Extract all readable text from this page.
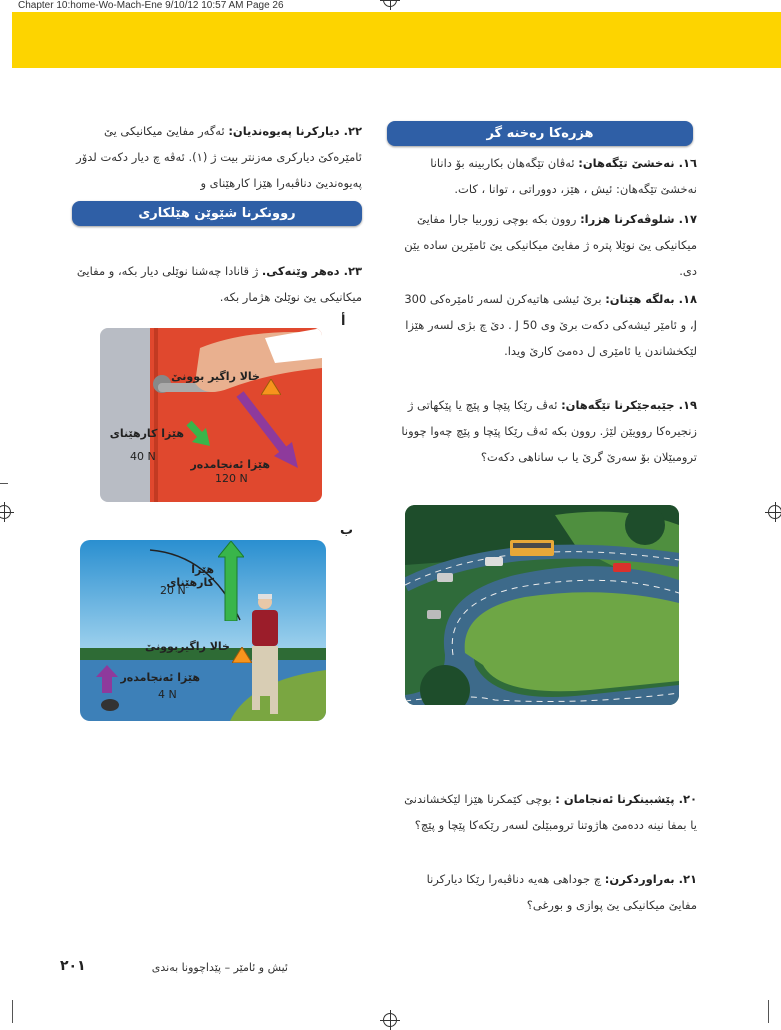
Chapter 10:home-Wo-Mach-Ene 9/10/12 10:57 AM Page 26
هزرەکا رەخنە گر
١٦. نەخشێ تێگەهان: ئەڤان تێگەهان بکاربینە بۆ دانانا نەخشێ تێگەهان: ئیش ، هێز، دووراتی ، توانا ، کات.
١٧. شلوڤەکرنا هزرا: روون بکە بوچی زوربیا جارا مفایێ میکانیکی یێ نوێلا پترە ژ مفایێ میکانیکی یێ ئامێرین سادە یێن دی.
١٨. بەلگە هێنان: برێ ئیشی هاتیەکرن لسەر ئامێرەکی 300 J، و ئامێر ئیشەکی دکەت برێ وی 50 J . دێ چ بژی لسەر هێزا لێکخشاندن یا ئامێری ل دەمێ کارێ ویدا.
١٩. جێبەجێکرنا تێگەهان: ئەڤ رێکا پێچا و پێچ یا پێکهاتی ژ زنجیرەکا روویێن لێژ. روون بکە ئەڤ رێکا پێچا و پێچ چەوا چوونا ترومبێلان بۆ سەرێ گرێ یا ب ساناهی دکەت؟
٢٠. پێشبینکرنا ئەنجامان : بوچی کێمکرنا هێزا لێکخشاندنێ یا بمفا نینە ددەمێ هاژوتنا ترومبێلێ لسەر رێکەکا پێچا و پێچ؟
٢١. بەراوردکرن: چ جوداهی هەیە دناڤبەرا رێکا دیارکرنا مفایێ میکانیکی یێ پوازی و بورغی؟
٢٢. دیارکرنا پەیوەندیان: ئەگەر مفایێ میکانیکی یێ ئامێرەکێ دیارکری مەزنتر بیت ژ (١). ئەڤە چ دیار دکەت لدۆر پەیوەندیێ دناڤبەرا هێزا کارهێنای و
روونکرنا شێوێن هێلکاری
٢٣. دەهر وێنەکی. ژ قانادا چەشنا نوێلی دیار بکە، و مفایێ میکانیکی یێ نوێلێ هژمار بکە.
أ
خالا راگیر بوونێ
هێزا کارهێنای
40 N
هێزا ئەنجامدەر
120 N
ب
هێزا کارهێنای
20 N
خالا راگیربوونێ
هێزا ئەنجامدەر
4 N
٢٠١	ئیش و ئامێر – پێداچوونا بەندی
